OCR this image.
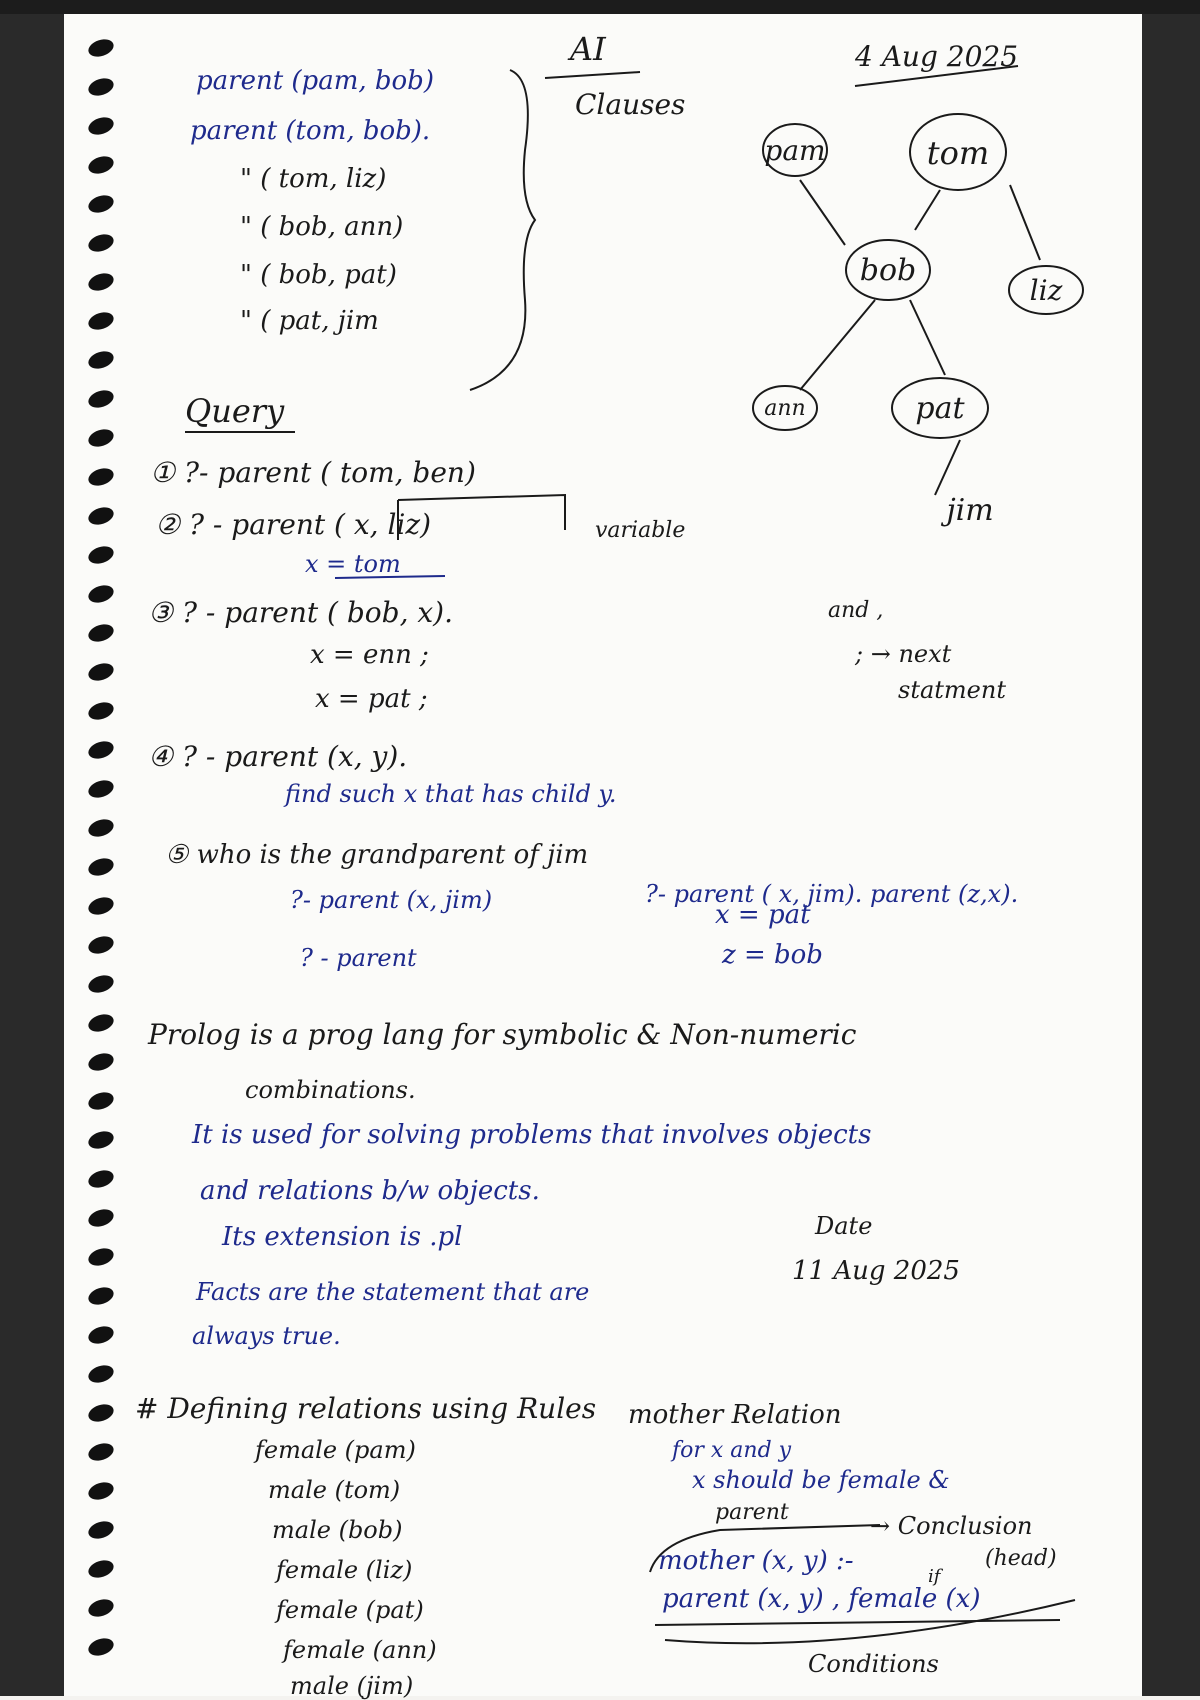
AI
Clauses
4 Aug 2025
parent (pam, bob)
parent (tom, bob).
" ( tom, liz)
" ( bob, ann)
" ( bob, pat)
" ( pat, jim
pam	tom
bob
liz
ann	pat
jim
Query
① ?- parent ( tom, ben)
② ? - parent ( x, liz)	variable
x = tom
③ ? - parent ( bob, x).
x = enn ;
x = pat ;
and ,
; → next
statment
④ ? - parent (x, y).
find such x that has child y.
⑤ who is the grandparent of jim
?- parent (x, jim)
? - parent
?- parent ( x, jim). parent (z,x).
x = pat
z = bob
Prolog is a prog lang for symbolic & Non-numeric
combinations.
It is used for solving problems that involves objects
and relations b/w objects.
Its extension is .pl	Date
11 Aug 2025
Facts are the statement that are
always true.
# Defining relations using Rules
female (pam)
male (tom)
male (bob)
female (liz)
female (pat)
female (ann)
male (jim)
mother Relation
for x and y
x should be female &
parent	→ Conclusion
(head)
mother (x, y) :-
if
parent (x, y) , female (x)
Conditions
